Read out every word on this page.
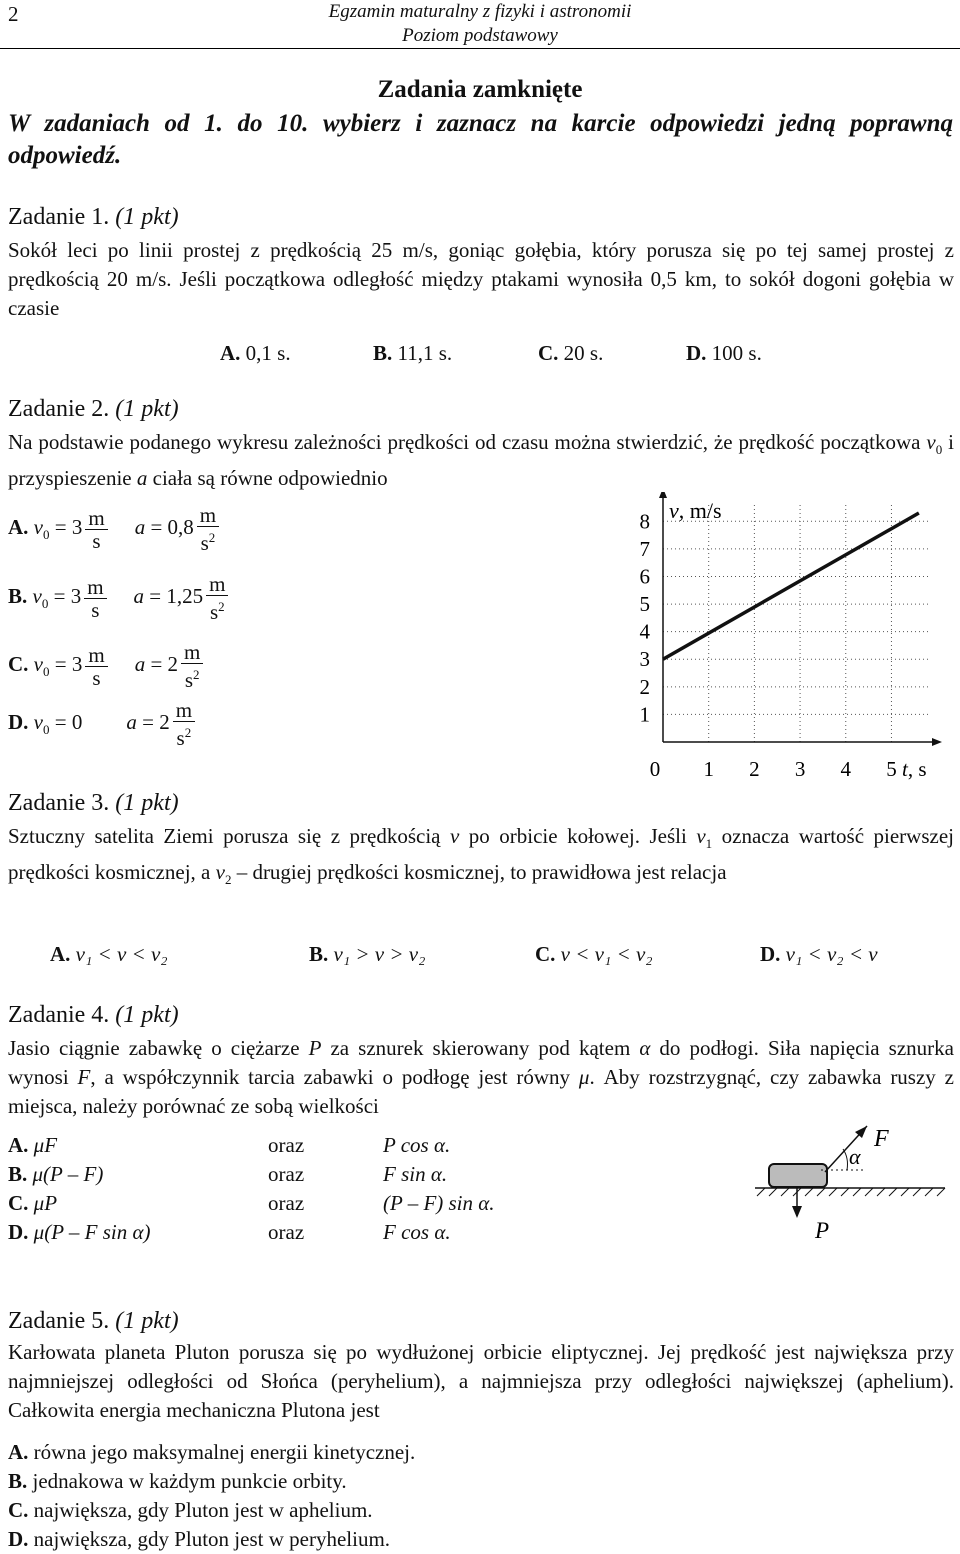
2	Egzamin maturalny z fizyki i astronomii
Poziom podstawowy
Zadania zamknięte
W zadaniach od 1. do 10. wybierz i zaznacz na karcie odpowiedzi jedną poprawną odpowiedź.
Zadanie 1. (1 pkt)
Sokół leci po linii prostej z prędkością 25 m/s, goniąc gołębia, który porusza się po tej samej prostej z prędkością 20 m/s. Jeśli początkowa odległość między ptakami wynosiła 0,5 km, to sokół dogoni gołębia w czasie
A. 0,1 s.	B. 11,1 s.	C. 20 s.	D. 100 s.
Zadanie 2. (1 pkt)
Na podstawie podanego wykresu zależności prędkości od czasu można stwierdzić, że prędkość początkowa $v_0$ i przyspieszenie a ciała są równe odpowiednio
A. $v_0 = 3 \frac{m}{s}$ $a = 0,8 \frac{m}{s^2}$
B. $v_0 = 3 \frac{m}{s}$ $a = 1,25 \frac{m}{s^2}$
C. $v_0 = 3 \frac{m}{s}$ $a = 2 \frac{m}{s^2}$
D. $v_0 = 0$ $a = 2 \frac{m}{s^2}$	1
2
3
4
5
6
7
8
0 1 2 3 4 5
v, m/s
t, s
Zadanie 3. (1 pkt)
Sztuczny satelita Ziemi porusza się z prędkością v po orbicie kołowej. Jeśli $v_1$ oznacza wartość pierwszej prędkości kosmicznej, a $v_2$ – drugiej prędkości kosmicznej, to prawidłowa jest relacja
A. v₁ < v < v₂	B. v₁ > v > v₂	C. v < v₁ < v₂	D. v₁ < v₂ < v
Zadanie 4. (1 pkt)
Jasio ciągnie zabawkę o ciężarze P za sznurek skierowany pod kątem α do podłogi. Siła napięcia sznurka wynosi F, a współczynnik tarcia zabawki o podłogę jest równy μ. Aby rozstrzygnąć, czy zabawka ruszy z miejsca, należy porównać ze sobą wielkości
A. μF	oraz	P cos α.
B. μ(P – F)	oraz	F sin α.
C. μP	oraz	(P – F) sin α.
D. μ(P – F sin α)	oraz	F cos α.
F
α
P
Zadanie 5. (1 pkt)
Karłowata planeta Pluton porusza się po wydłużonej orbicie eliptycznej. Jej prędkość jest największa przy najmniejszej odległości od Słońca (peryhelium), a najmniejsza przy odległości największej (aphelium). Całkowita energia mechaniczna Plutona jest
A. równa jego maksymalnej energii kinetycznej.
B. jednakowa w każdym punkcie orbity.
C. największa, gdy Pluton jest w aphelium.
D. największa, gdy Pluton jest w peryhelium.
